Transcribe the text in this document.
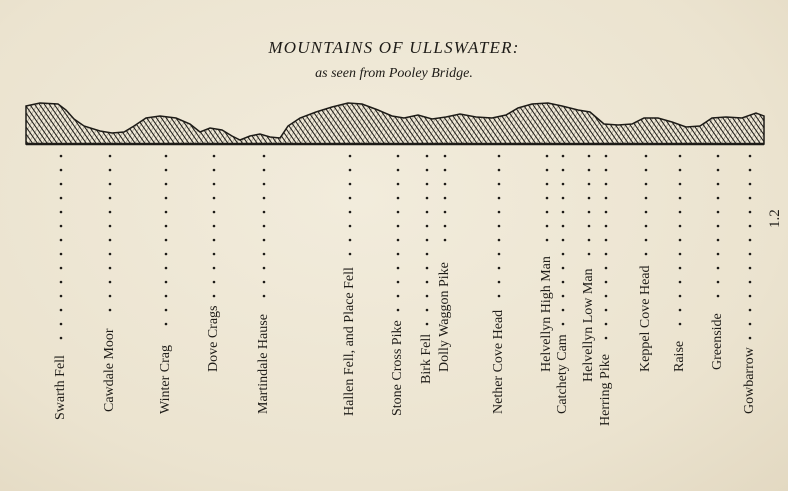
MOUNTAINS OF ULLSWATER:
as seen from Pooley Bridge.
Swarth Fell Cawdale Moor	Winter Crag
Dove Crags	Martindale Hause	Hallen Fell, and Place Fell Stone Cross Pike Birk Fell Dolly Waggon Pike	Nether Cove Head Helvellyn High Man
Catchety Cam Helvellyn Low Man
Herring Pike
Keppel Cove Head Raise Greenside
Gowbarrow
1.2
